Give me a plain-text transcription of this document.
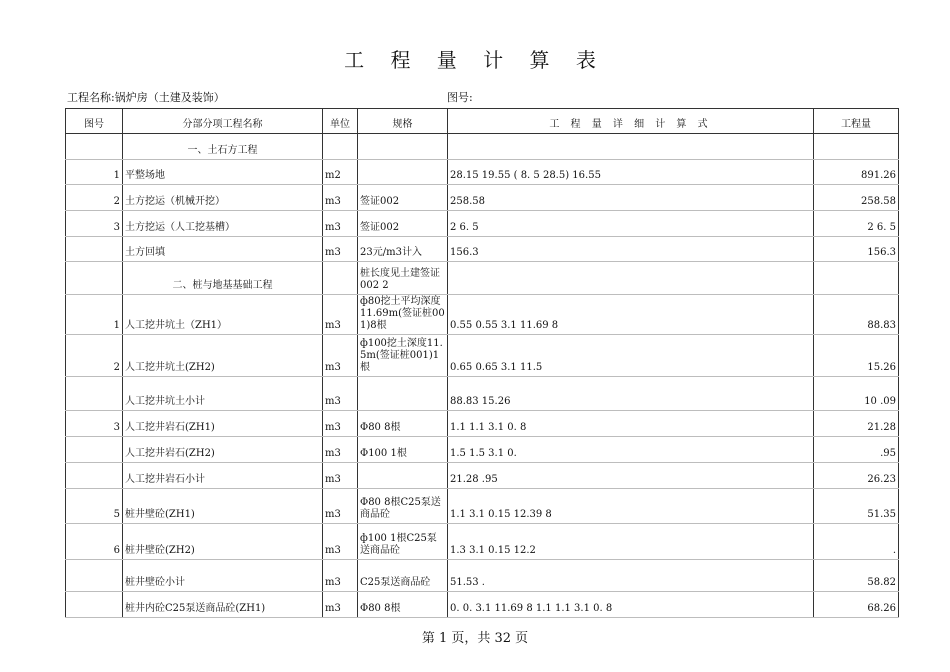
工 程 量 计 算 表
工程名称:锅炉房（土建及装饰）	图号:
图号	分部分项工程名称	单位	规格	工 程 量 详 细 计 算 式	工程量
	一、土石方工程				
1	平整场地	m2		28.15 19.55 ( 8. 5 28.5) 16.55	891.26
2	土方挖运（机械开挖）	m3	签证002	258.58	258.58
3	土方挖运（人工挖基槽）	m3	签证002	2 6. 5	2 6. 5
	土方回填	m3	23元/m3计入	156.3	156.3
	二、桩与地基基础工程		桩长度见土建签证002 2		
1	人工挖井坑土（ZH1）	m3	ф80挖土平均深度11.69m(签证桩001)8根	0.55 0.55 3.1 11.69 8	88.83
2	人工挖井坑土(ZH2)	m3	ф100挖土深度11.5m(签证桩001)1根	0.65 0.65 3.1 11.5	15.26
	人工挖井坑土小计	m3		88.83 15.26	10 .09
3	人工挖井岩石(ZH1)	m3	Φ80 8根	1.1 1.1 3.1 0. 8	21.28
	人工挖井岩石(ZH2)	m3	Φ100 1根	1.5 1.5 3.1 0.	.95
	人工挖井岩石小计	m3		21.28 .95	26.23
5	桩井壁砼(ZH1)	m3	Φ80 8根C25泵送商品砼	1.1 3.1 0.15 12.39 8	51.35
6	桩井壁砼(ZH2)	m3	ф100 1根C25泵送商品砼	1.3 3.1 0.15 12.2	.
	桩井壁砼小计	m3	C25泵送商品砼	51.53 .	58.82
	桩井内砼C25泵送商品砼(ZH1)	m3	Φ80 8根	0. 0. 3.1 11.69 8 1.1 1.1 3.1 0. 8	68.26
第 1 页，共 32 页
